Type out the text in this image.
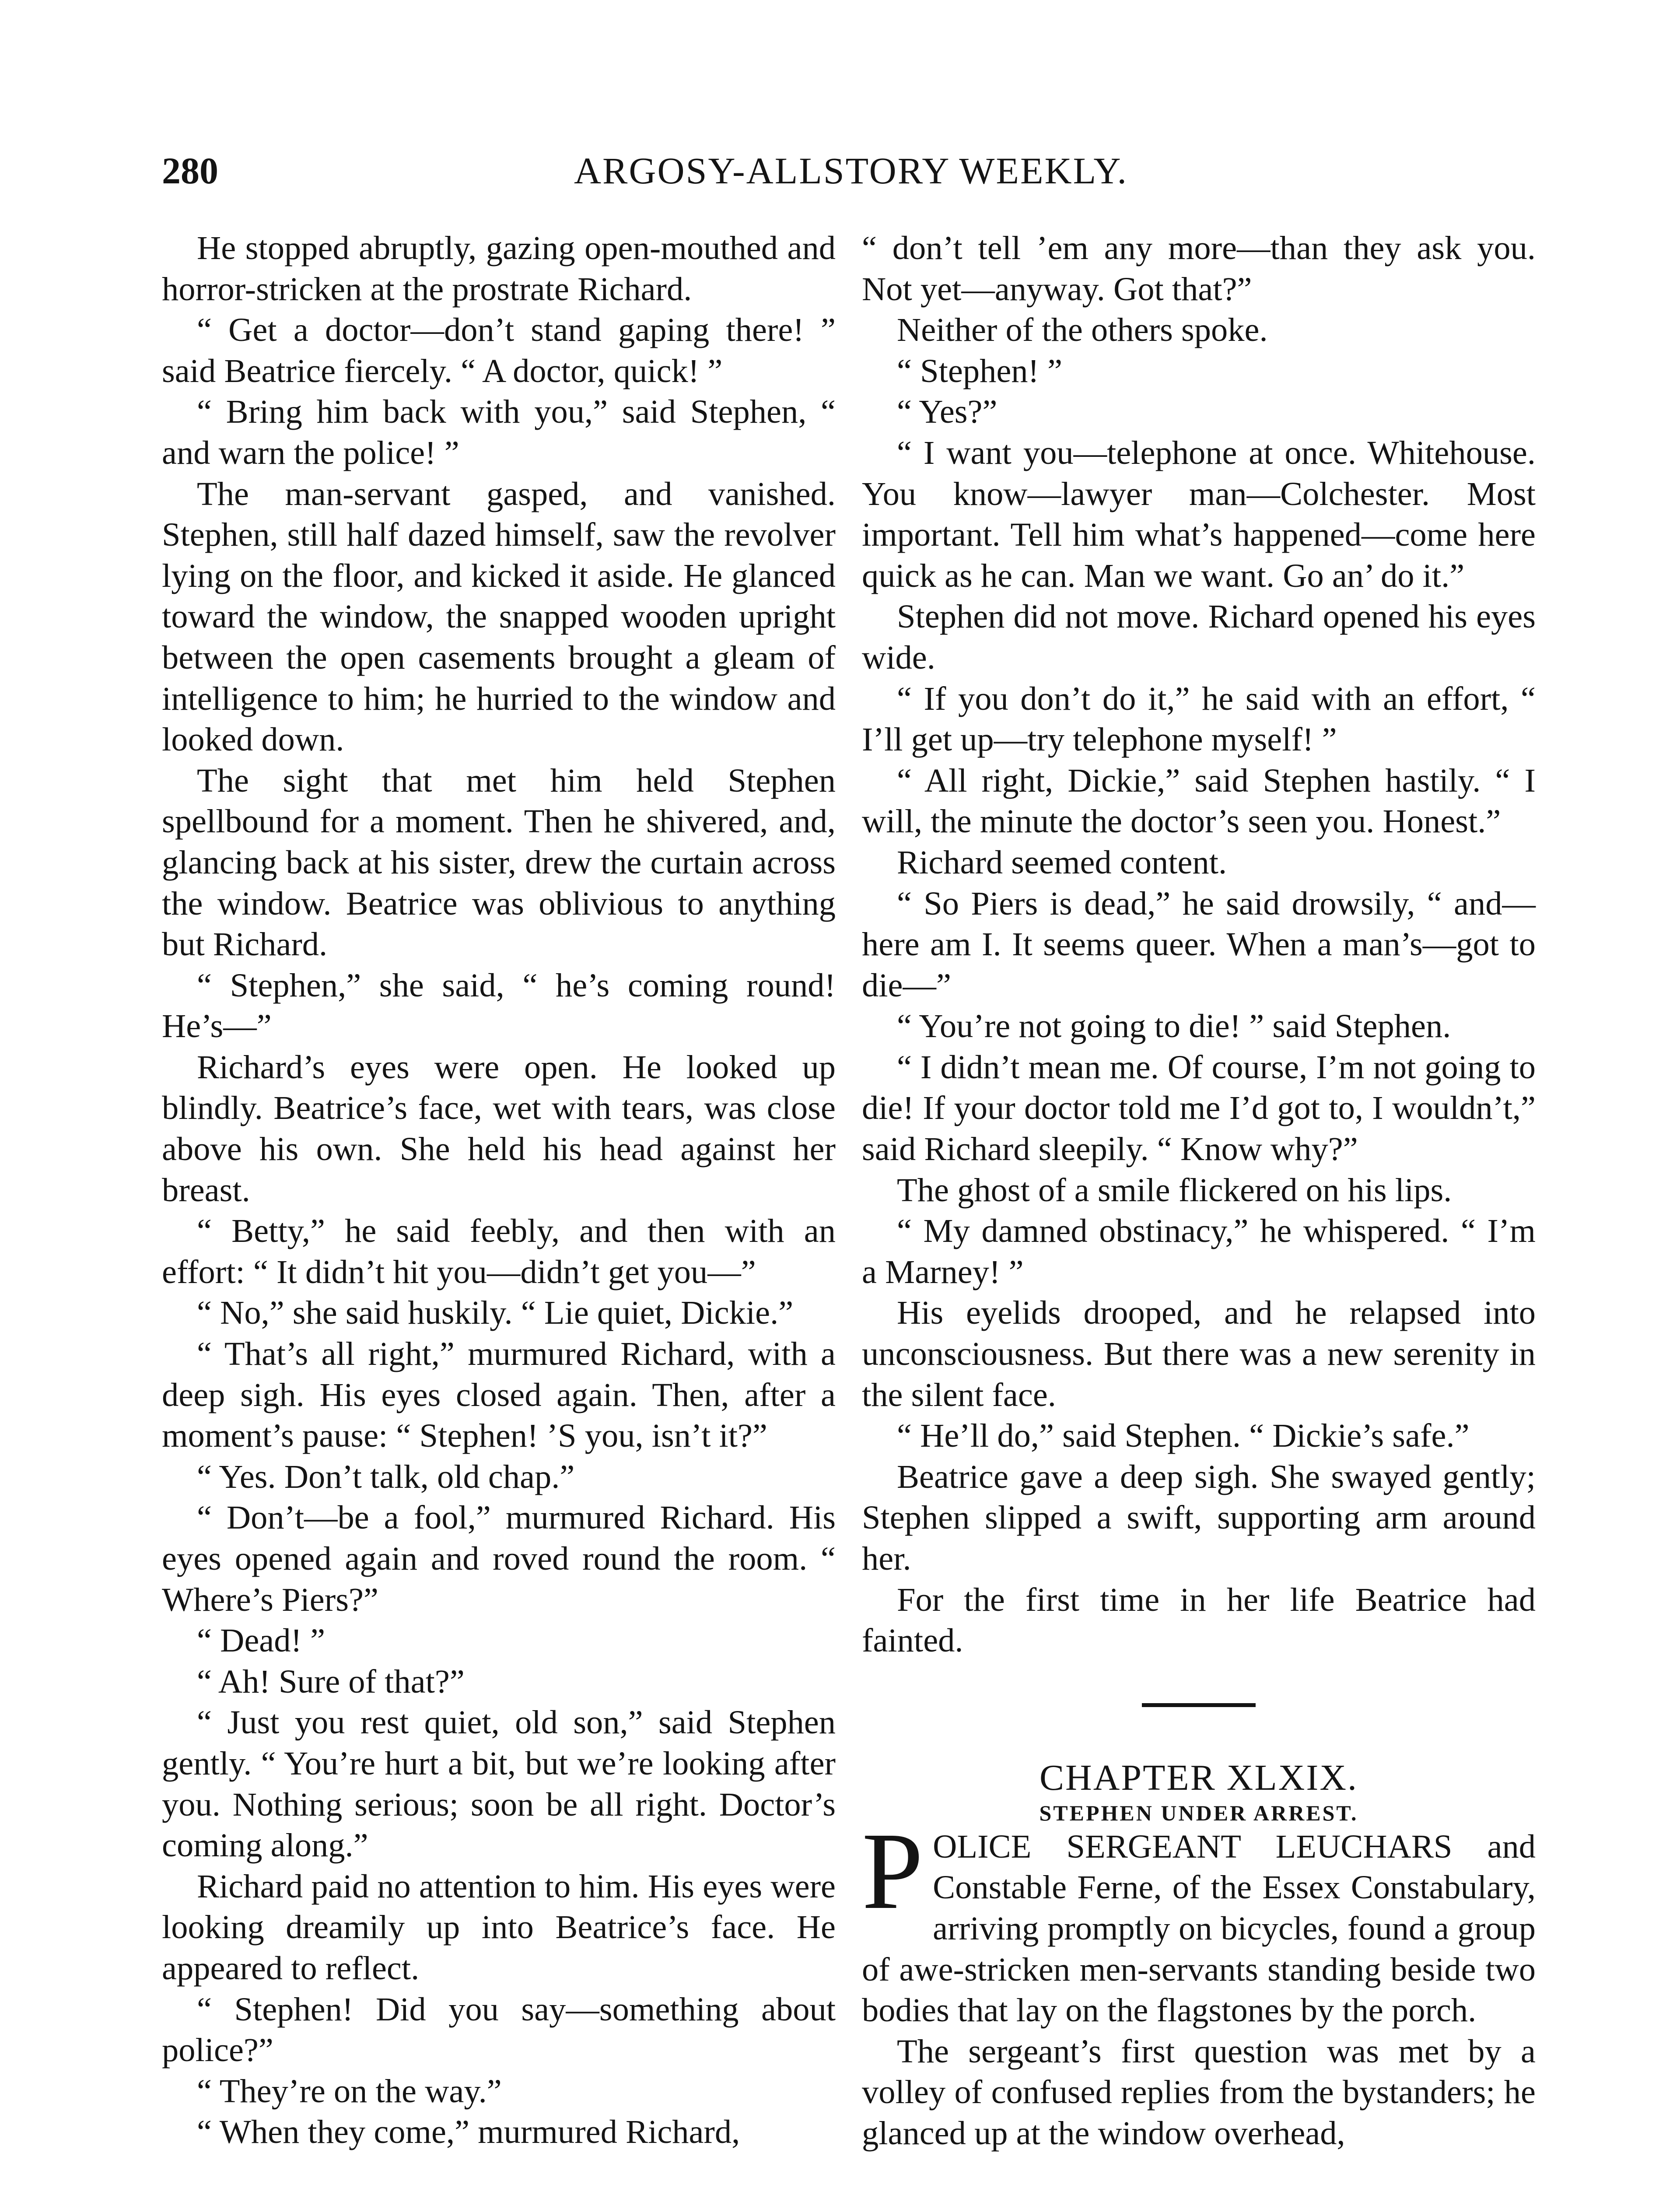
280	ARGOSY-ALLSTORY WEEKLY.

He stopped abruptly, gazing open-mouthed and horror-stricken at the prostrate Richard.

“ Get a doctor—don’t stand gaping there! ” said Beatrice fiercely. “ A doctor, quick! ”

“ Bring him back with you,” said Stephen, “ and warn the police! ”

The man-servant gasped, and vanished. Stephen, still half dazed himself, saw the revolver lying on the floor, and kicked it aside. He glanced toward the window, the snapped wooden upright between the open casements brought a gleam of intelligence to him; he hurried to the window and looked down.

The sight that met him held Stephen spellbound for a moment. Then he shivered, and, glancing back at his sister, drew the curtain across the window. Beatrice was oblivious to anything but Richard.

“ Stephen,” she said, “ he’s coming round! He’s—”

Richard’s eyes were open. He looked up blindly. Beatrice’s face, wet with tears, was close above his own. She held his head against her breast.

“ Betty,” he said feebly, and then with an effort: “ It didn’t hit you—didn’t get you—”

“ No,” she said huskily. “ Lie quiet, Dickie.”

“ That’s all right,” murmured Richard, with a deep sigh. His eyes closed again. Then, after a moment’s pause: “ Stephen! ’S you, isn’t it?”

“ Yes. Don’t talk, old chap.”

“ Don’t—be a fool,” murmured Richard. His eyes opened again and roved round the room. “ Where’s Piers?”

“ Dead! ”

“ Ah! Sure of that?”

“ Just you rest quiet, old son,” said Stephen gently. “ You’re hurt a bit, but we’re looking after you. Nothing serious; soon be all right. Doctor’s coming along.”

Richard paid no attention to him. His eyes were looking dreamily up into Beatrice’s face. He appeared to reflect.

“ Stephen! Did you say—something about police?”

“ They’re on the way.”

“ When they come,” murmured Richard,

“ don’t tell ’em any more—than they ask you. Not yet—anyway. Got that?”

Neither of the others spoke.

“ Stephen! ”

“ Yes?”

“ I want you—telephone at once. Whitehouse. You know—lawyer man—Colchester. Most important. Tell him what’s happened—come here quick as he can. Man we want. Go an’ do it.”

Stephen did not move. Richard opened his eyes wide.

“ If you don’t do it,” he said with an effort, “ I’ll get up—try telephone myself! ”

“ All right, Dickie,” said Stephen hastily. “ I will, the minute the doctor’s seen you. Honest.”

Richard seemed content.

“ So Piers is dead,” he said drowsily, “ and—here am I. It seems queer. When a man’s—got to die—”

“ You’re not going to die! ” said Stephen.

“ I didn’t mean me. Of course, I’m not going to die! If your doctor told me I’d got to, I wouldn’t,” said Richard sleepily. “ Know why?”

The ghost of a smile flickered on his lips.

“ My damned obstinacy,” he whispered. “ I’m a Marney! ”

His eyelids drooped, and he relapsed into unconsciousness. But there was a new serenity in the silent face.

“ He’ll do,” said Stephen. “ Dickie’s safe.”

Beatrice gave a deep sigh. She swayed gently; Stephen slipped a swift, supporting arm around her.

For the first time in her life Beatrice had fainted.

CHAPTER XLXIX.

STEPHEN UNDER ARREST.

POLICE SERGEANT LEUCHARS and Constable Ferne, of the Essex Constabulary, arriving promptly on bicycles, found a group of awe-stricken men-servants standing beside two bodies that lay on the flagstones by the porch.

The sergeant’s first question was met by a volley of confused replies from the bystanders; he glanced up at the window overhead,
